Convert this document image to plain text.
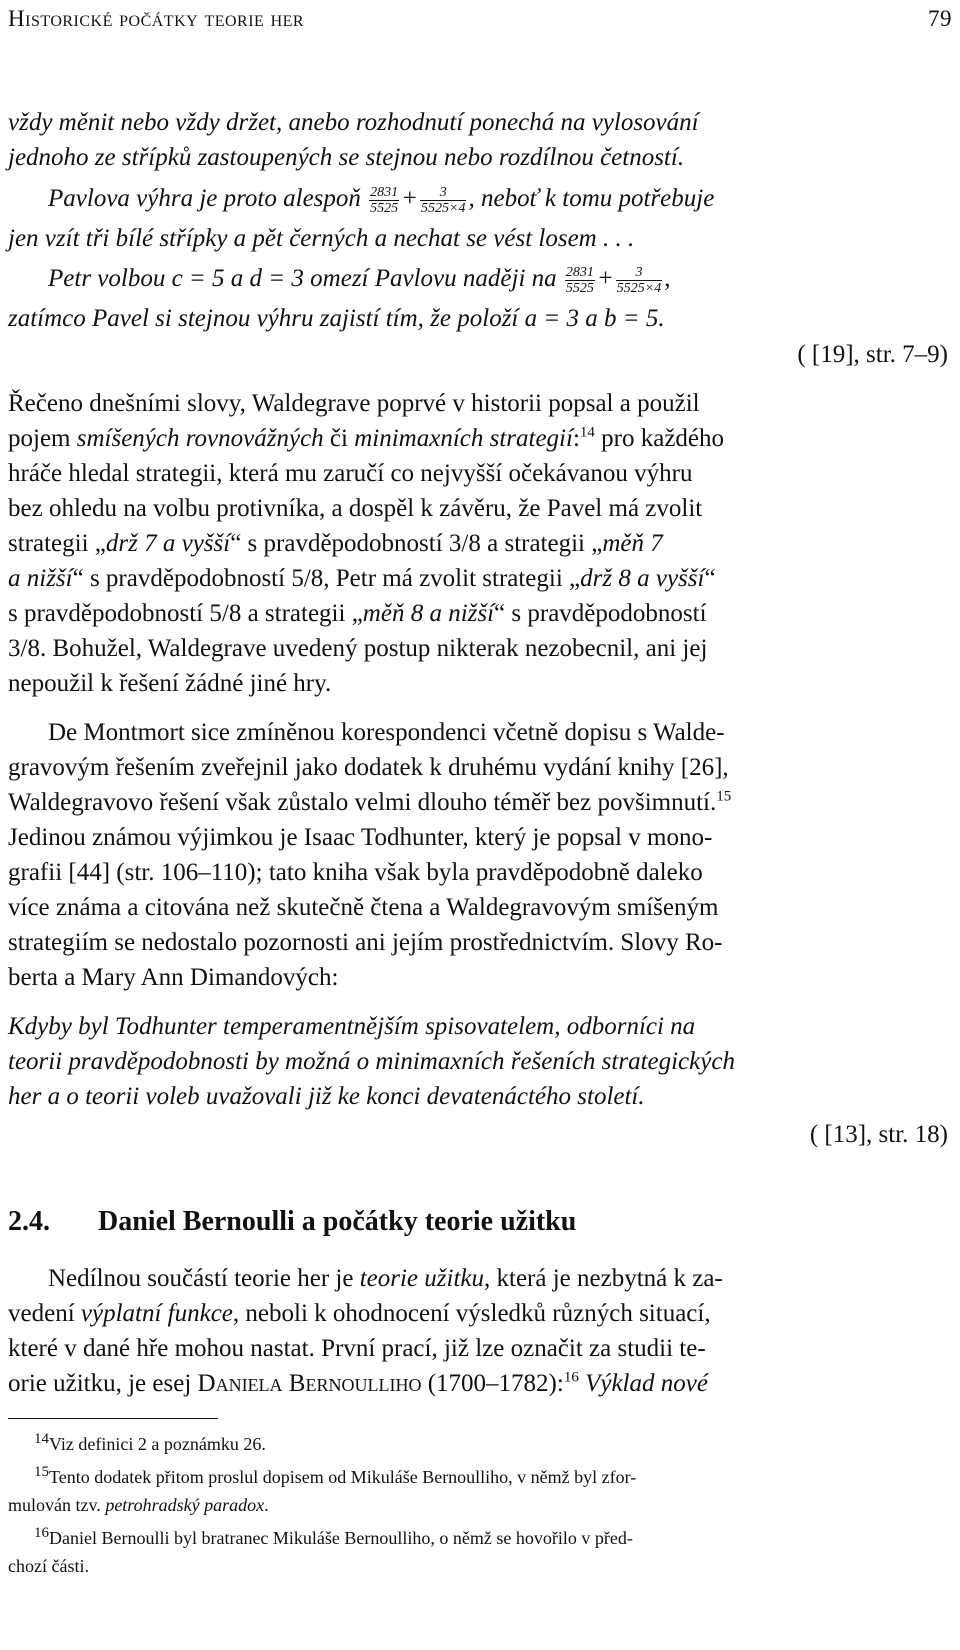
Historické počátky teorie her	79
vždy měnit nebo vždy držet, anebo rozhodnutí ponechá na vylosování
jednoho ze střípků zastoupených se stejnou nebo rozdílnou četností.
Pavlova výhra je proto alespoň $\frac{2831}{5525} + \frac{3}{5525\times 4}$ , neboť k tomu potřebuje
jen vzít tři bílé střípky a pět černých a nechat se vést losem . . .
Petr volbou c = 5 a d = 3 omezí Pavlovu naději na $\frac{2831}{5525} + \frac{3}{5525\times 4}$ ,
zatímco Pavel si stejnou výhru zajistí tím, že položí a = 3 a b = 5.
( [19], str. 7–9)
Řečeno dnešními slovy, Waldegrave poprvé v historii popsal a použil
pojem smíšených rovnovážných či minimaxních strategií:$^{14}$ pro každého
hráče hledal strategii, která mu zaručí co nejvyšší očekávanou výhru
bez ohledu na volbu protivníka, a dospěl k závěru, že Pavel má zvolit
strategii „drž 7 a vyšší“ s pravděpodobností 3/8 a strategii „měň 7
a nižší“ s pravděpodobností 5/8, Petr má zvolit strategii „drž 8 a vyšší“
s pravděpodobností 5/8 a strategii „měň 8 a nižší“ s pravděpodobností
3/8. Bohužel, Waldegrave uvedený postup nikterak nezobecnil, ani jej
nepoužil k řešení žádné jiné hry.
De Montmort sice zmíněnou korespondenci včetně dopisu s Walde-
gravovým řešením zveřejnil jako dodatek k druhému vydání knihy [26],
Waldegravovo řešení však zůstalo velmi dlouho téměř bez povšimnutí.$^{15}$
Jedinou známou výjimkou je Isaac Todhunter, který je popsal v mono-
grafii [44] (str. 106–110); tato kniha však byla pravděpodobně daleko
více známa a citována než skutečně čtena a Waldegravovým smíšeným
strategiím se nedostalo pozornosti ani jejím prostřednictvím. Slovy Ro-
berta a Mary Ann Dimandových:
Kdyby byl Todhunter temperamentnějším spisovatelem, odborníci na
teorii pravděpodobnosti by možná o minimaxních řešeních strategických
her a o teorii voleb uvažovali již ke konci devatenáctého století.
( [13], str. 18)
2.4. Daniel Bernoulli a počátky teorie užitku
Nedílnou součástí teorie her je teorie užitku, která je nezbytná k za-
vedení výplatní funkce, neboli k ohodnocení výsledků různých situací,
které v dané hře mohou nastat. První prací, již lze označit za studii te-
orie užitku, je esej Daniela Bernoulliho (1700–1782):$^{16}$ Výklad nové
$^{14}$Viz definici 2 a poznámku 26.
$^{15}$Tento dodatek přitom proslul dopisem od Mikuláše Bernoulliho, v němž byl zfor-
mulován tzv. petrohradský paradox.
$^{16}$Daniel Bernoulli byl bratranec Mikuláše Bernoulliho, o němž se hovořilo v před-
chozí části.
